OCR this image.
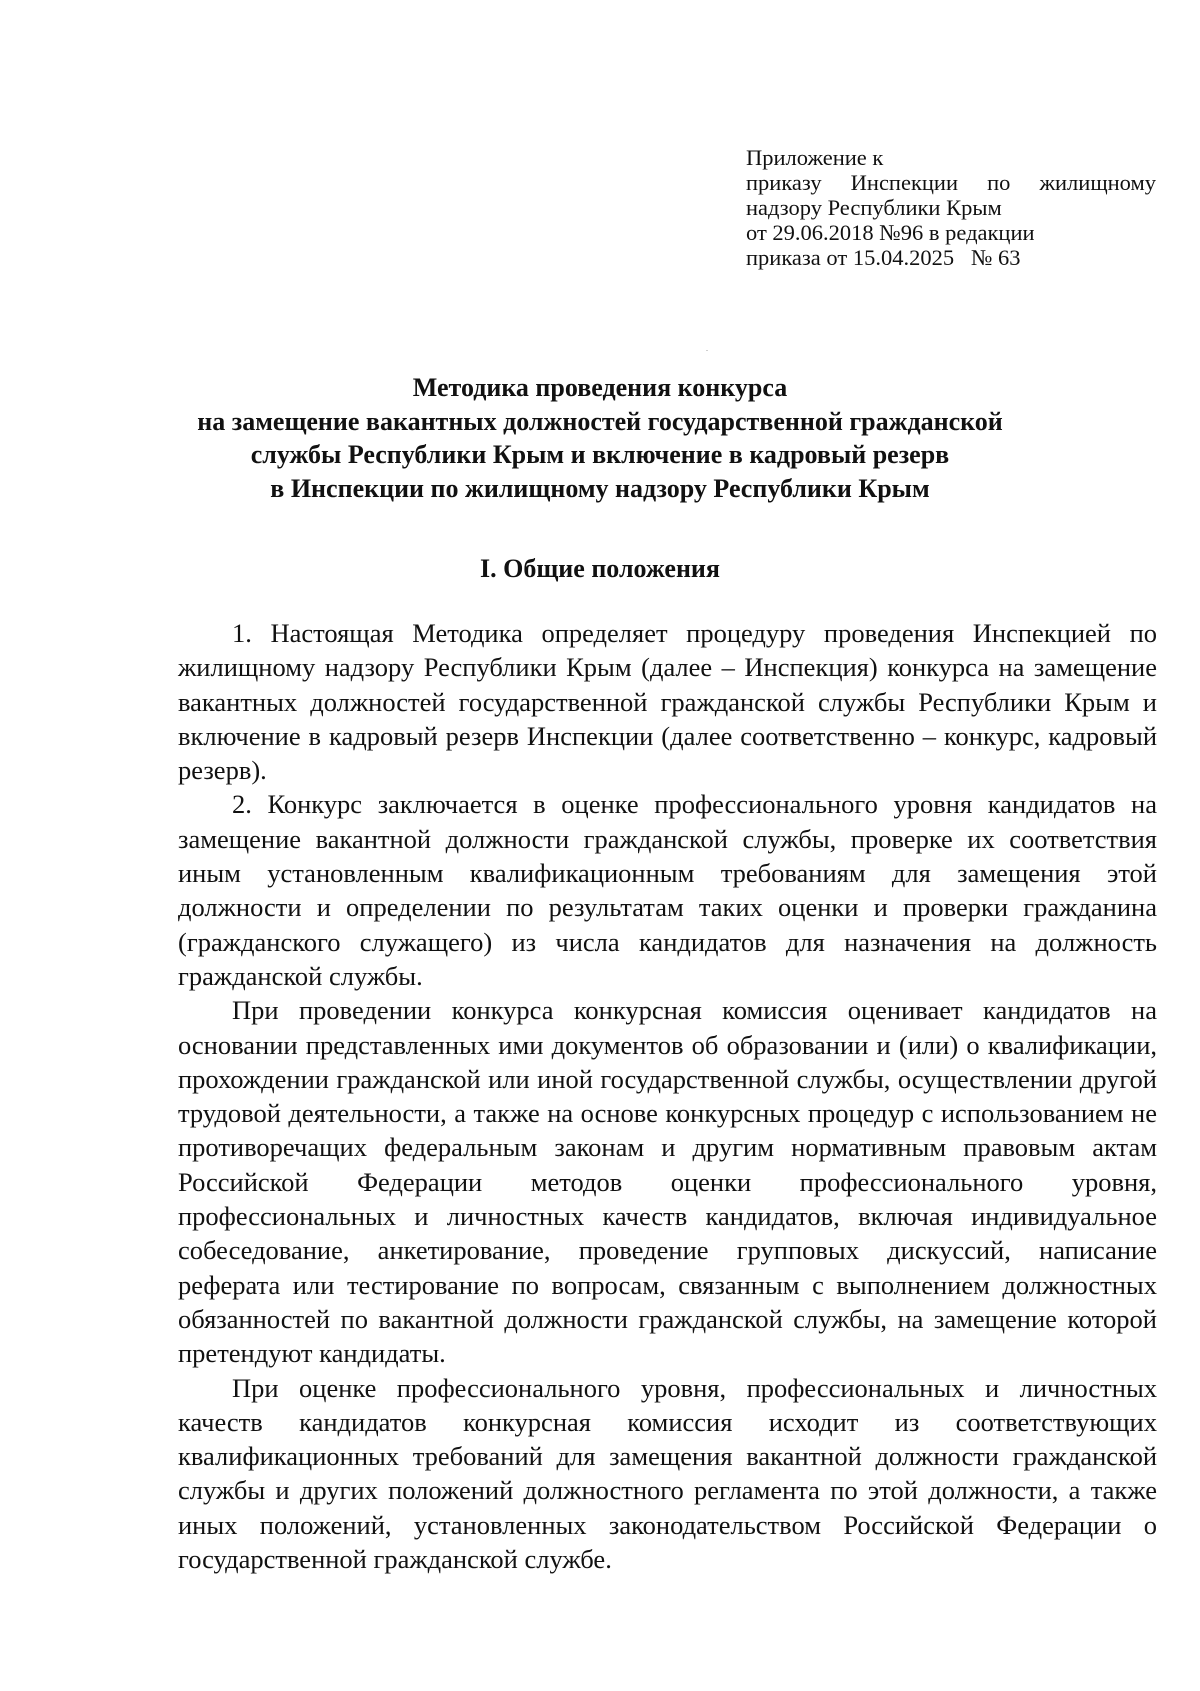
Приложение к
приказу Инспекции по жилищному
надзору Республики Крым
от 29.06.2018 №96 в редакции
приказа от 15.04.2025   № 63
Методика проведения конкурса
на замещение вакантных должностей государственной гражданской
службы Республики Крым и включение в кадровый резерв
в Инспекции по жилищному надзору Республики Крым
I. Общие положения

1. Настоящая Методика определяет процедуру проведения Инспекцией по жилищному надзору Республики Крым (далее – Инспекция) конкурса на замещение вакантных должностей государственной гражданской службы Республики Крым и включение в кадровый резерв Инспекции (далее соответственно – конкурс, кадровый резерв).

2. Конкурс заключается в оценке профессионального уровня кандидатов на замещение вакантной должности гражданской службы, проверке их соответствия иным установленным квалификационным требованиям для замещения этой должности и определении по результатам таких оценки и проверки гражданина (гражданского служащего) из числа кандидатов для назначения на должность гражданской службы.

При проведении конкурса конкурсная комиссия оценивает кандидатов на основании представленных ими документов об образовании и (или) о квалификации, прохождении гражданской или иной государственной службы, осуществлении другой трудовой деятельности, а также на основе конкурсных процедур с использованием не противоречащих федеральным законам и другим нормативным правовым актам Российской Федерации методов оценки профессионального уровня, профессиональных и личностных качеств кандидатов, включая индивидуальное собеседование, анкетирование, проведение групповых дискуссий, написание реферата или тестирование по вопросам, связанным с выполнением должностных обязанностей по вакантной должности гражданской службы, на замещение которой претендуют кандидаты.

При оценке профессионального уровня, профессиональных и личностных качеств кандидатов конкурсная комиссия исходит из соответствующих квалификационных требований для замещения вакантной должности гражданской службы и других положений должностного регламента по этой должности, а также иных положений, установленных законодательством Российской Федерации о государственной гражданской службе.
